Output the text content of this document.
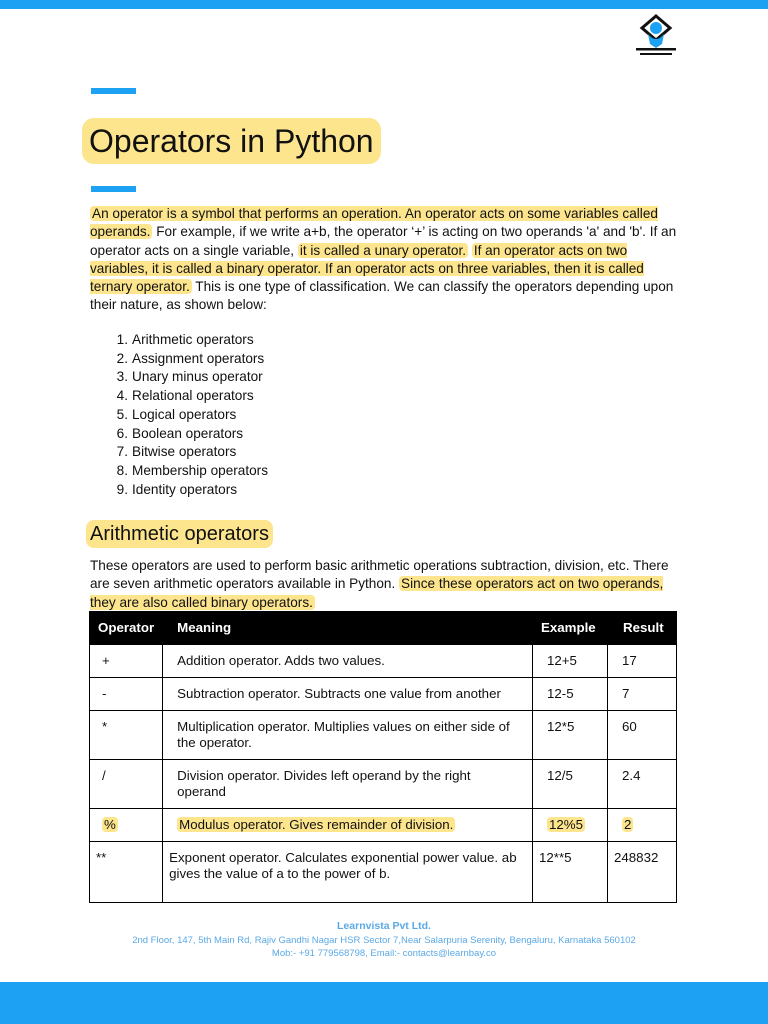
Operators in Python

An operator is a symbol that performs an operation. An operator acts on some variables called operands. For example, if we write a+b, the operator ‘+’ is acting on two operands 'a' and 'b'. If an operator acts on a single variable, it is called a unary operator. If an operator acts on two variables, it is called a binary operator. If an operator acts on three variables, then it is called ternary operator. This is one type of classification. We can classify the operators depending upon their nature, as shown below:

1. Arithmetic operators
2. Assignment operators
3. Unary minus operator
4. Relational operators
5. Logical operators
6. Boolean operators
7. Bitwise operators
8. Membership operators
9. Identity operators
Arithmetic operators

These operators are used to perform basic arithmetic operations subtraction, division, etc. There are seven arithmetic operators available in Python. Since these operators act on two operands, they are also called binary operators.

Operator	Meaning	Example	Result
+	Addition operator. Adds two values.	12+5	17
-	Subtraction operator. Subtracts one value from another	12-5	7
*	Multiplication operator. Multiplies values on either side of the operator.	12*5	60
/	Division operator. Divides left operand by the right operand	12/5	2.4
%	Modulus operator. Gives remainder of division.	12%5	2
**	Exponent operator. Calculates exponential power value. ab gives the value of a to the power of b.	12**5	248832
Learnvista Pvt Ltd.
2nd Floor, 147, 5th Main Rd, Rajiv Gandhi Nagar HSR Sector 7,Near Salarpuria Serenity, Bengaluru, Karnataka 560102
Mob:- +91 779568798, Email:- contacts@learnbay.co
